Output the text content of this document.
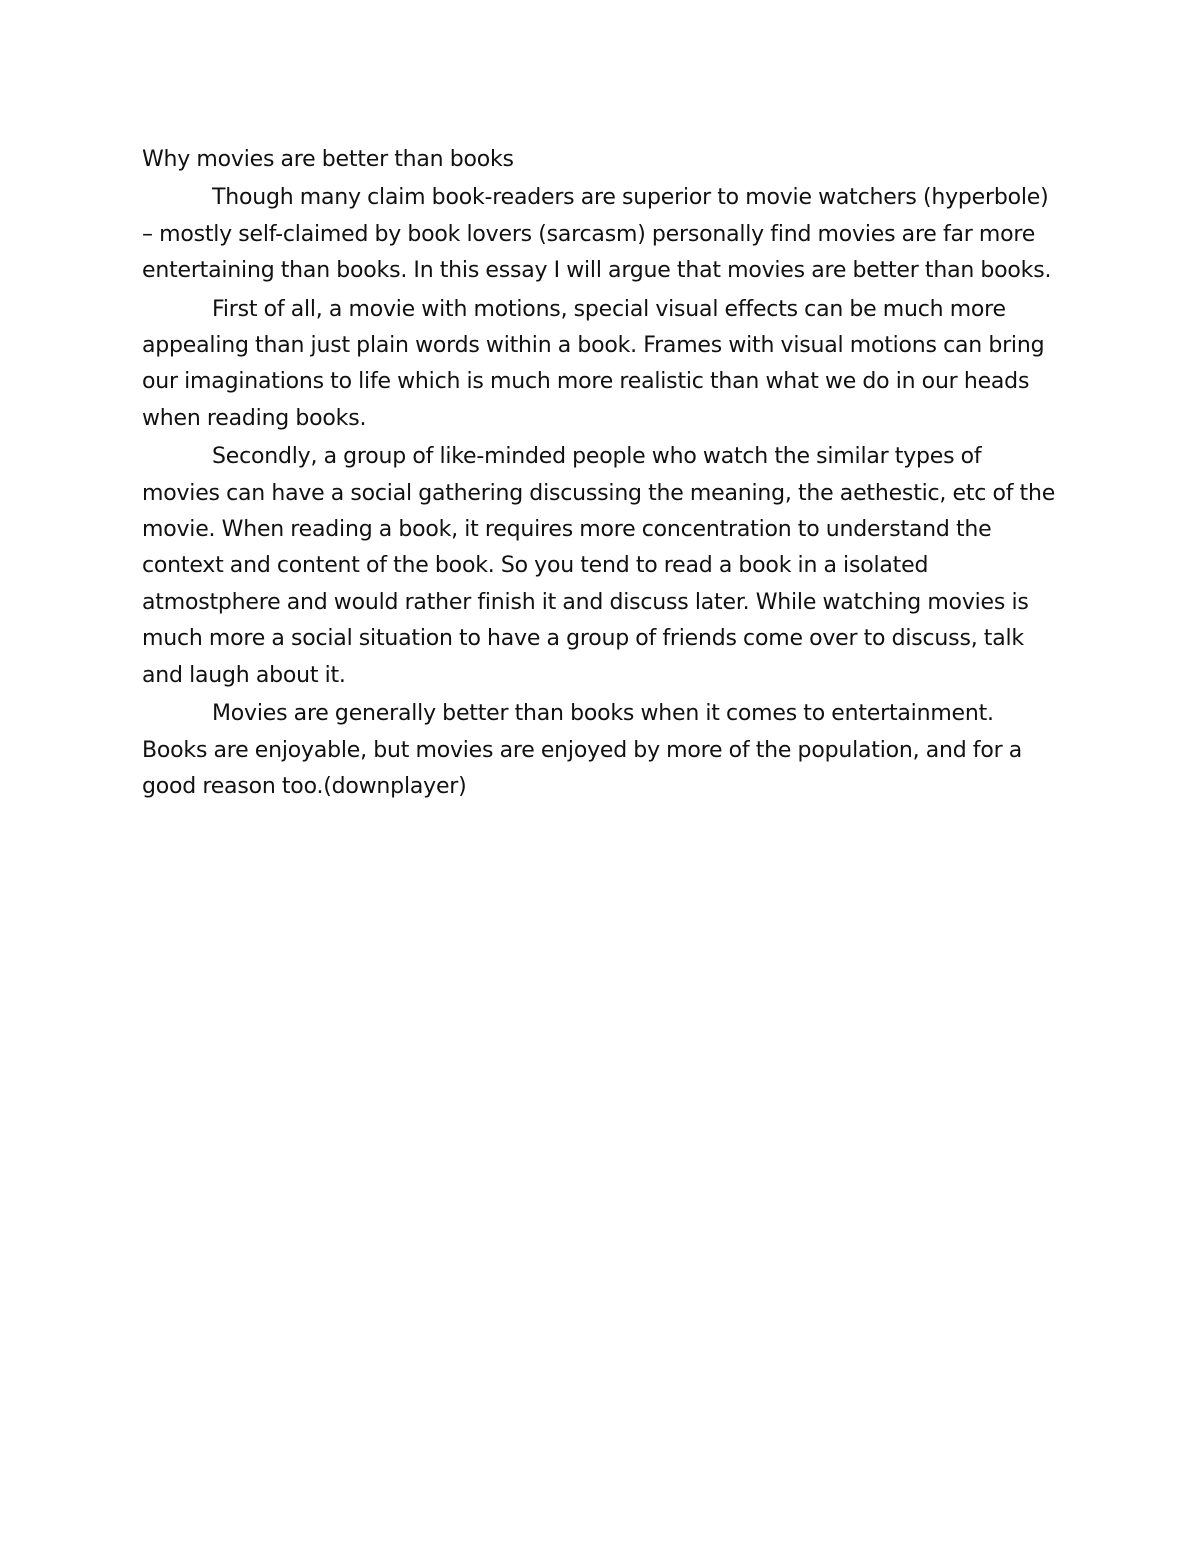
Why movies are better than books

Though many claim book-readers are superior to movie watchers (hyperbole) – mostly self-claimed by book lovers (sarcasm) personally find movies are far more entertaining than books. In this essay I will argue that movies are better than books.

First of all, a movie with motions, special visual effects can be much more appealing than just plain words within a book. Frames with visual motions can bring our imaginations to life which is much more realistic than what we do in our heads when reading books.

Secondly, a group of like-minded people who watch the similar types of movies can have a social gathering discussing the meaning, the aethestic, etc of the movie. When reading a book, it requires more concentration to understand the context and content of the book. So you tend to read a book in a isolated atmostphere and would rather finish it and discuss later. While watching movies is much more a social situation to have a group of friends come over to discuss, talk and laugh about it.

Movies are generally better than books when it comes to entertainment. Books are enjoyable, but movies are enjoyed by more of the population, and for a good reason too.(downplayer)
